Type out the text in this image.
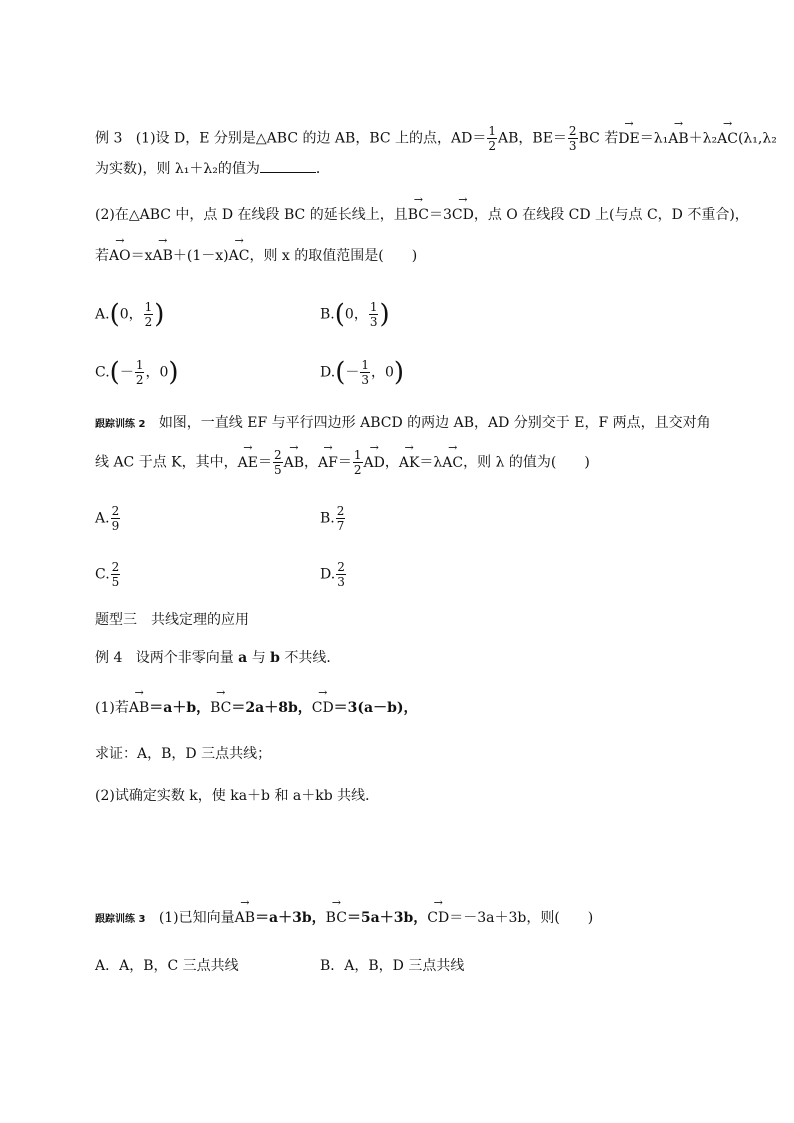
例 3 (1)设 D，E 分别是△ABC 的边 AB，BC 上的点，$AD= \frac{1}{2}$ AB，$BE= \frac{2}{3}$ BC 若→ DE＝λ₁→ AB＋λ₂→ AC(λ₁,λ₂
为实数)，则 λ₁＋λ₂的值为	．
(2)在△ABC 中，点 D 在线段 BC 的延长线上，且→ BC＝3→ CD，点 O 在线段 CD 上(与点 C，D 不重合)，
若→ AO＝x→ AB＋(1－x)→ AC，则 x 的取值范围是(　　)
A.(0， $\frac{1}{2}$ )	B.(0， $\frac{1}{3}$ )
$C.(- \frac{1}{2}$ ，0)	$D.(- \frac{1}{3}$ ，0)
跟踪训练 2 如图，一直线 EF 与平行四边形 ABCD 的两边 AB，AD 分别交于 E，F 两点，且交对角
线 AC 于点 K，其中，→ $AE= \frac{2}{5}$ → AB，→ $AF= \frac{1}{2}$ → AD，→ AK＝λ→ AC，则 λ 的值为(　　)
A. $\frac{2}{9}$	B. $\frac{2}{7}$
C. $\frac{2}{5}$	D. $\frac{2}{3}$
题型三　共线定理的应用
例 4 设两个非零向量 a 与 b 不共线．
(1)若→ AB＝a＋b，→ BC＝2a＋8b，→ CD＝3(a－b)，
求证：A，B，D 三点共线；
(2)试确定实数 k，使 ka＋b 和 a＋kb 共线．
跟踪训练 3 (1)已知向量→ AB＝a＋3b，→ BC＝5a＋3b，→ CD＝－3a＋3b，则(　　)
A．A，B，C 三点共线	B．A，B，D 三点共线
